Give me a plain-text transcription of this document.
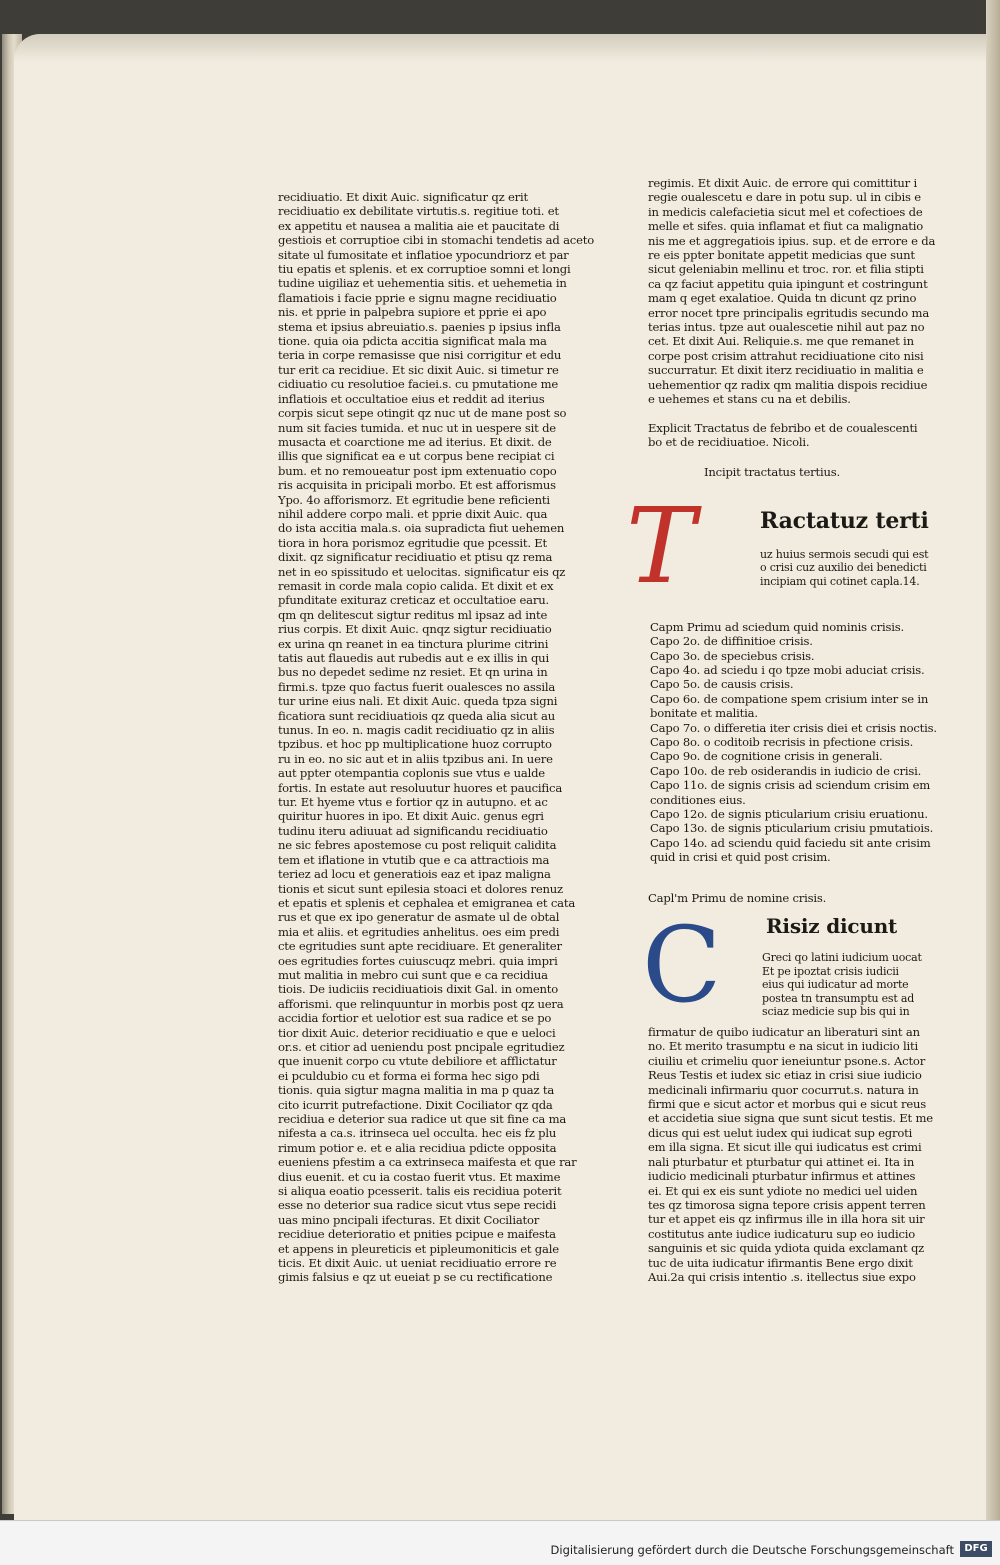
recidiuatio. Et dixit Auic. significatur qz erit
recidiuatio ex debilitate virtutis.s. regitiue toti. et
ex appetitu et nausea a malitia aie et paucitate di
gestiois et corruptioe cibi in stomachi tendetis ad aceto
sitate ul fumositate et inflatioe ypocundriorz et par
tiu epatis et splenis. et ex corruptioe somni et longi
tudine uigiliaz et uehementia sitis. et uehemetia in
flamatiois i facie pprie e signu magne recidiuatio
nis. et pprie in palpebra supiore et pprie ei apo
stema et ipsius abreuiatio.s. paenies p ipsius infla
tione. quia oia pdicta accitia significat mala ma
teria in corpe remasisse que nisi corrigitur et edu
tur erit ca recidiue. Et sic dixit Auic. si timetur re
cidiuatio cu resolutioe faciei.s. cu pmutatione me
inflatiois et occultatioe eius et reddit ad iterius
corpis sicut sepe otingit qz nuc ut de mane post so
num sit facies tumida. et nuc ut in uespere sit de
musacta et coarctione me ad iterius. Et dixit. de
illis que significat ea e ut corpus bene recipiat ci
bum. et no remoueatur post ipm extenuatio copo
ris acquisita in pricipali morbo. Et est afforismus
Ypo. 4o afforismorz. Et egritudie bene reficienti
nihil addere corpo mali. et pprie dixit Auic. qua
do ista accitia mala.s. oia supradicta fiut uehemen
tiora in hora porismoz egritudie que pcessit. Et
dixit. qz significatur recidiuatio et ptisu qz rema
net in eo spissitudo et uelocitas. significatur eis qz
remasit in corde mala copio calida. Et dixit et ex
pfunditate exituraz creticaz et occultatioe earu.
qm qn delitescut sigtur reditus ml ipsaz ad inte
rius corpis. Et dixit Auic. qnqz sigtur recidiuatio
ex urina qn reanet in ea tinctura plurime citrini
tatis aut flauedis aut rubedis aut e ex illis in qui
bus no depedet sedime nz resiet. Et qn urina in
firmi.s. tpze quo factus fuerit oualesces no assila
tur urine eius nali. Et dixit Auic. queda tpza signi
ficatiora sunt recidiuatiois qz queda alia sicut au
tunus. In eo. n. magis cadit recidiuatio qz in aliis
tpzibus. et hoc pp multiplicatione huoz corrupto
ru in eo. no sic aut et in aliis tpzibus ani. In uere
aut ppter otempantia coplonis sue vtus e ualde
fortis. In estate aut resoluutur huores et paucifica
tur. Et hyeme vtus e fortior qz in autupno. et ac
quiritur huores in ipo. Et dixit Auic. genus egri
tudinu iteru adiuuat ad significandu recidiuatio
ne sic febres apostemose cu post reliquit calidita
tem et iflatione in vtutib que e ca attractiois ma
teriez ad locu et generatiois eaz et ipaz maligna
tionis et sicut sunt epilesia stoaci et dolores renuz
et epatis et splenis et cephalea et emigranea et cata
rus et que ex ipo generatur de asmate ul de obtal
mia et aliis. et egritudies anhelitus. oes eim predi
cte egritudies sunt apte recidiuare. Et generaliter
oes egritudies fortes cuiuscuqz mebri. quia impri
mut malitia in mebro cui sunt que e ca recidiua
tiois. De iudiciis recidiuatiois dixit Gal. in omento
afforismi. que relinquuntur in morbis post qz uera
accidia fortior et uelotior est sua radice et se po
tior dixit Auic. deterior recidiuatio e que e ueloci
or.s. et citior ad ueniendu post pncipale egritudiez
que inuenit corpo cu vtute debiliore et afflictatur
ei pculdubio cu et forma ei forma hec sigo pdi
tionis. quia sigtur magna malitia in ma p quaz ta
cito icurrit putrefactione. Dixit Cociliator qz qda
recidiua e deterior sua radice ut que sit fine ca ma
nifesta a ca.s. itrinseca uel occulta. hec eis fz plu
rimum potior e. et e alia recidiua pdicte opposita
eueniens pfestim a ca extrinseca maifesta et que rar
dius euenit. et cu ia costao fuerit vtus. Et maxime
si aliqua eoatio pcesserit. talis eis recidiua poterit
esse no deterior sua radice sicut vtus sepe recidi
uas mino pncipali ifecturas. Et dixit Cociliator
recidiue deterioratio et pnities pcipue e maifesta
et appens in pleureticis et pipleumoniticis et gale
ticis. Et dixit Auic. ut ueniat recidiuatio errore re
gimis falsius e qz ut eueiat p se cu rectificatione
regimis. Et dixit Auic. de errore qui comittitur i
regie oualescetu e dare in potu sup. ul in cibis e
in medicis calefacietia sicut mel et cofectioes de
melle et sifes. quia inflamat et fiut ca malignatio
nis me et aggregatiois ipius. sup. et de errore e da
re eis ppter bonitate appetit medicias que sunt
sicut geleniabin mellinu et troc. ror. et filia stipti
ca qz faciut appetitu quia ipingunt et costringunt
mam q eget exalatioe. Quida tn dicunt qz prino
error nocet tpre principalis egritudis secundo ma
terias intus. tpze aut oualescetie nihil aut paz no
cet. Et dixit Aui. Reliquie.s. me que remanet in
corpe post crisim attrahut recidiuatione cito nisi
succurratur. Et dixit iterz recidiuatio in malitia e
uehementior qz radix qm malitia dispois recidiue
e uehemes et stans cu na et debilis.
Explicit Tractatus de febribo et de coualescenti
bo et de recidiuatioe. Nicoli.
Incipit tractatus tertius.
T	Ractatuz terti
uz huius sermois secudi qui est
o crisi cuz auxilio dei benedicti
incipiam qui cotinet capla.14.
Capm Primu ad sciedum quid nominis crisis.
Capo 2o. de diffinitioe crisis.
Capo 3o. de speciebus crisis.
Capo 4o. ad sciedu i qo tpze mobi aduciat crisis.
Capo 5o. de causis crisis.
Capo 6o. de compatione spem crisium inter se in
bonitate et malitia.
Capo 7o. o differetia iter crisis diei et crisis noctis.
Capo 8o. o coditoib recrisis in pfectione crisis.
Capo 9o. de cognitione crisis in generali.
Capo 10o. de reb osiderandis in iudicio de crisi.
Capo 11o. de signis crisis ad sciendum crisim em
conditiones eius.
Capo 12o. de signis pticularium crisiu eruationu.
Capo 13o. de signis pticularium crisiu pmutatiois.
Capo 14o. ad sciendu quid faciedu sit ante crisim
quid in crisi et quid post crisim.
Capl'm Primu de nomine crisis.
C Risiz dicunt
Greci qo latini iudicium uocat
Et pe ipoztat crisis iudicii
eius qui iudicatur ad morte
postea tn transumptu est ad
sciaz medicie sup bis qui in
firmatur de quibo iudicatur an liberaturi sint an
no. Et merito trasumptu e na sicut in iudicio liti
ciuiliu et crimeliu quor ieneiuntur psone.s. Actor
Reus Testis et iudex sic etiaz in crisi siue iudicio
medicinali infirmariu quor cocurrut.s. natura in
firmi que e sicut actor et morbus qui e sicut reus
et accidetia siue signa que sunt sicut testis. Et me
dicus qui est uelut iudex qui iudicat sup egroti
em illa signa. Et sicut ille qui iudicatus est crimi
nali pturbatur et pturbatur qui attinet ei. Ita in
iudicio medicinali pturbatur infirmus et attines
ei. Et qui ex eis sunt ydiote no medici uel uiden
tes qz timorosa signa tepore crisis appent terren
tur et appet eis qz infirmus ille in illa hora sit uir
costitutus ante iudice iudicaturu sup eo iudicio
sanguinis et sic quida ydiota quida exclamant qz
tuc de uita iudicatur ifirmantis Bene ergo dixit
Aui.2a qui crisis intentio .s. itellectus siue expo
Digitalisierung gefördert durch die Deutsche Forschungsgemeinschaft	DFG
